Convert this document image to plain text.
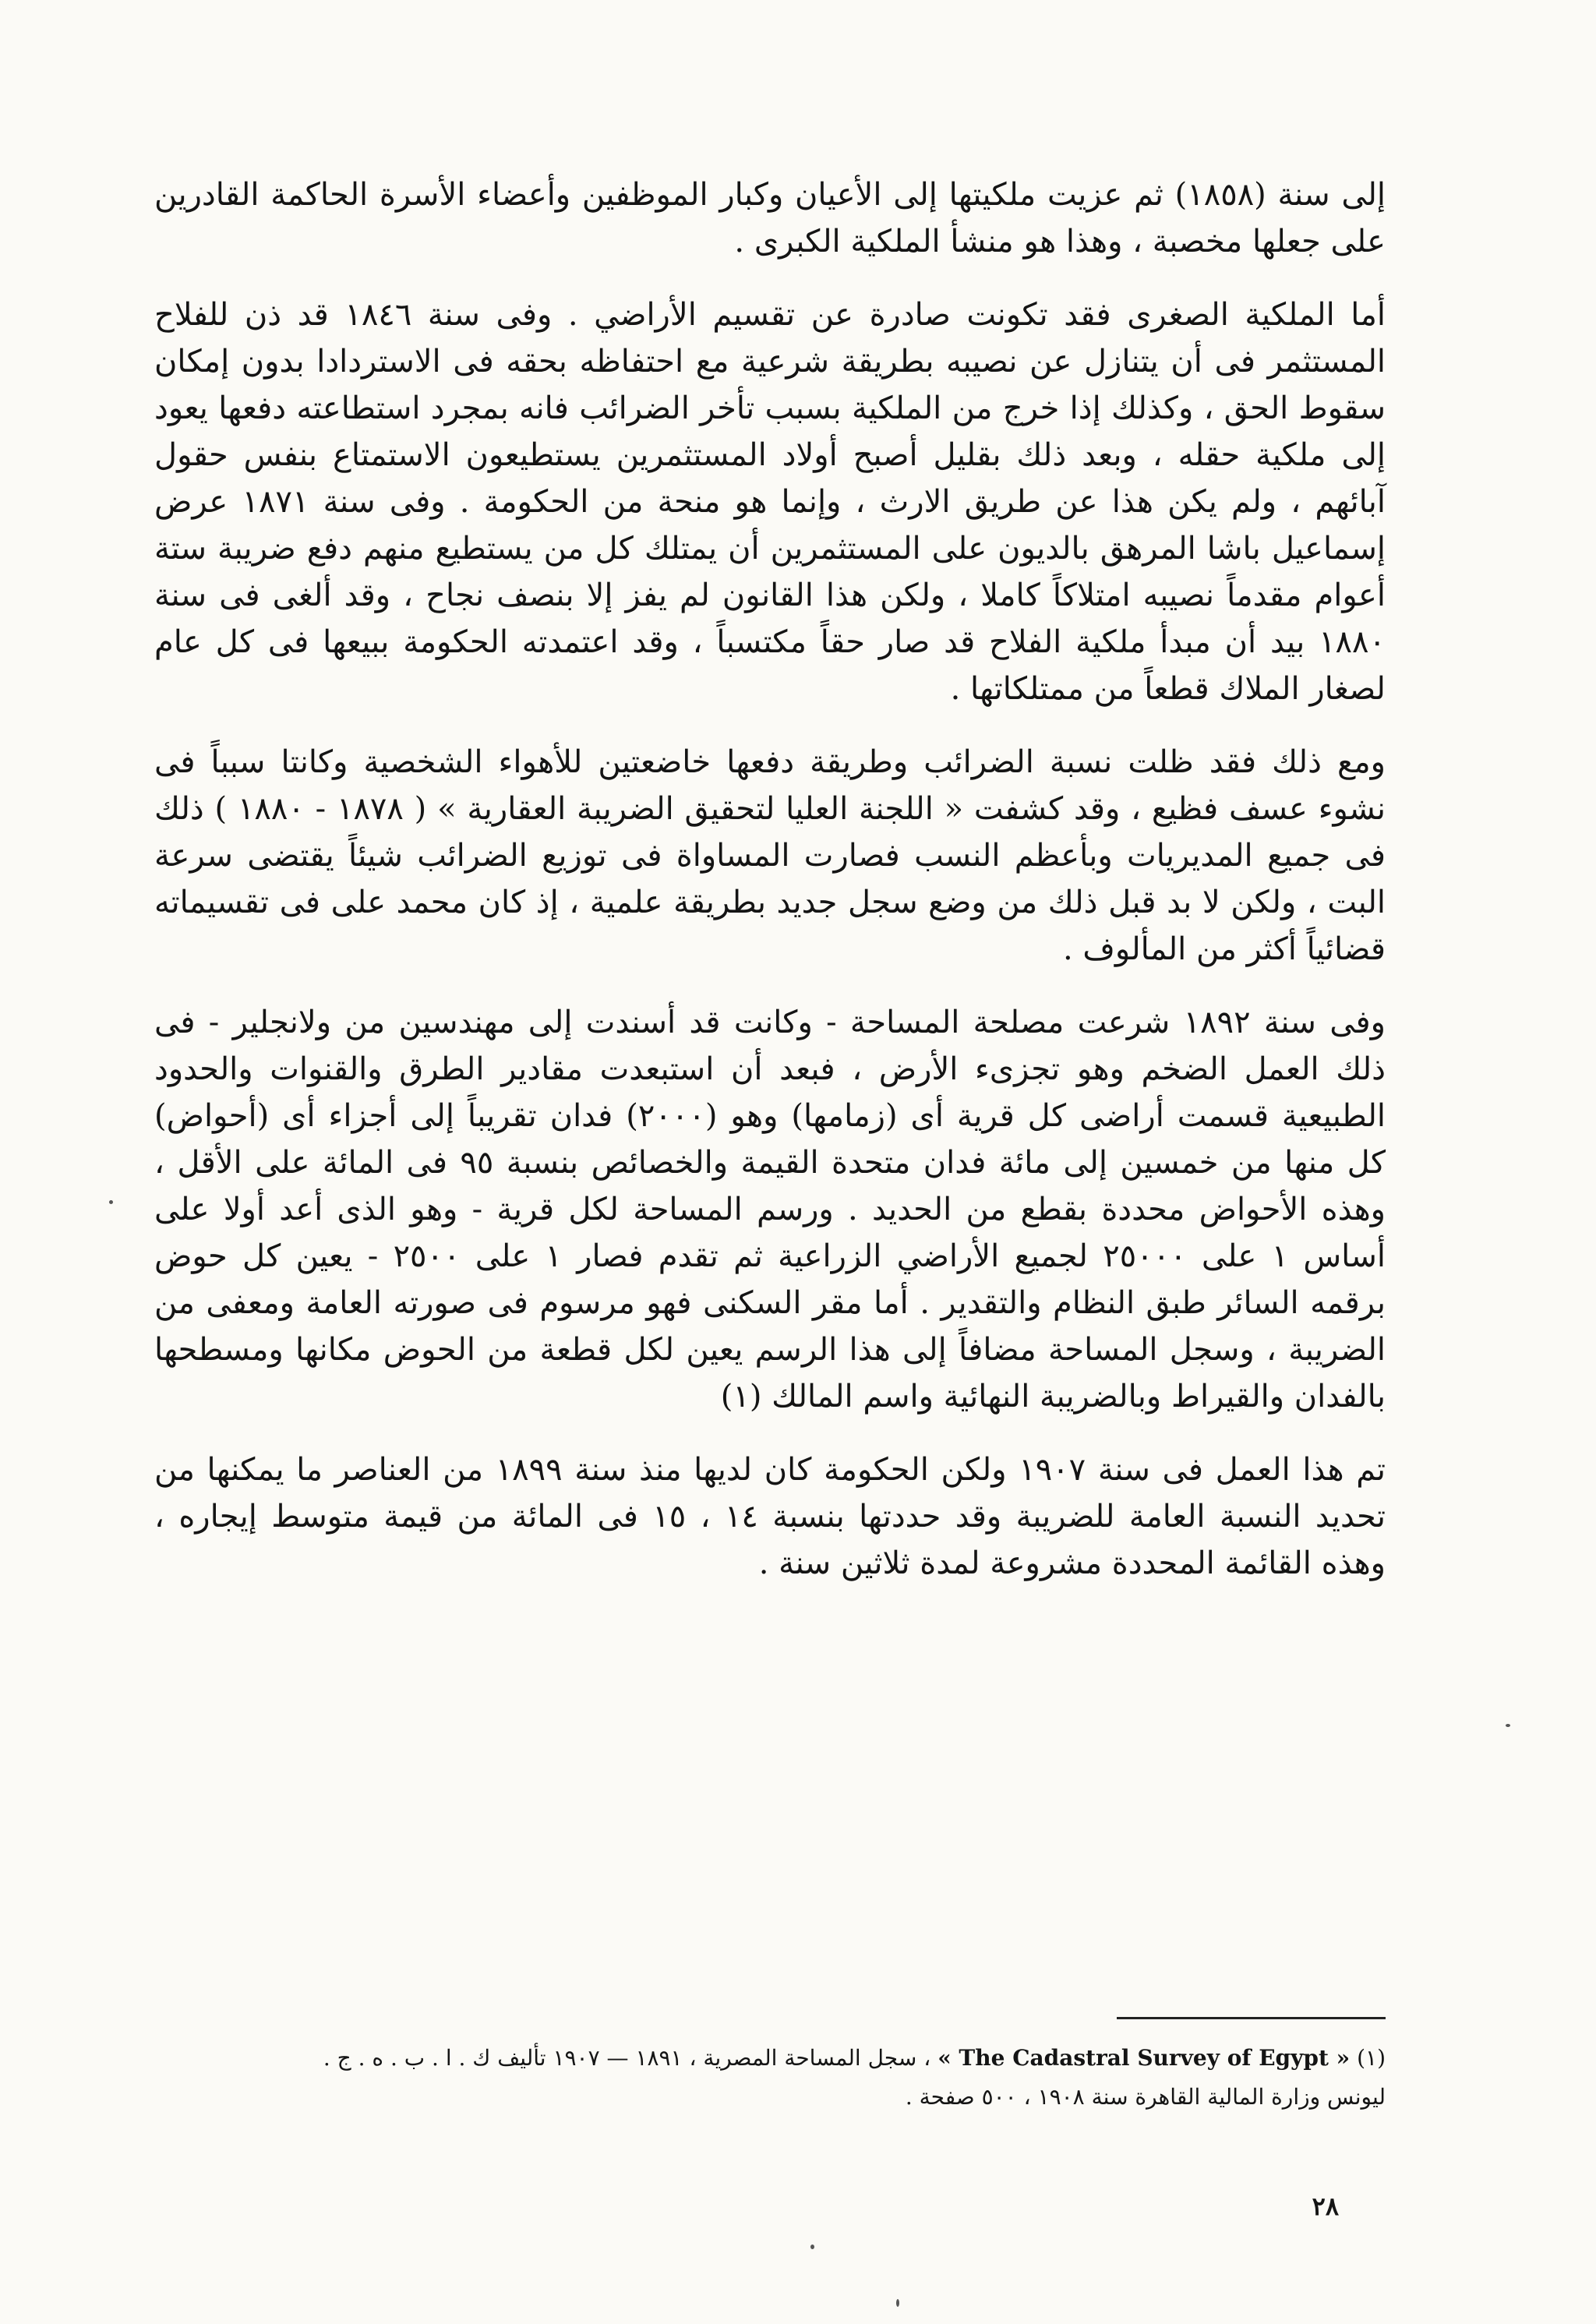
إلى سنة (١٨٥٨) ثم عزيت ملكيتها إلى الأعيان وكبار الموظفين وأعضاء الأسرة الحاكمة القادرين على جعلها مخصبة ، وهذا هو منشأ الملكية الكبرى .

أما الملكية الصغرى فقد تكونت صادرة عن تقسيم الأراضي . وفى سنة ١٨٤٦ قد ذن للفلاح المستثمر فى أن يتنازل عن نصيبه بطريقة شرعية مع احتفاظه بحقه فى الاستردادا بدون إمكان سقوط الحق ، وكذلك إذا خرج من الملكية بسبب تأخر الضرائب فانه بمجرد استطاعته دفعها يعود إلى ملكية حقله ، وبعد ذلك بقليل أصبح أولاد المستثمرين يستطيعون الاستمتاع بنفس حقول آبائهم ، ولم يكن هذا عن طريق الارث ، وإنما هو منحة من الحكومة . وفى سنة ١٨٧١ عرض إسماعيل باشا المرهق بالديون على المستثمرين أن يمتلك كل من يستطيع منهم دفع ضريبة ستة أعوام مقدماً نصيبه امتلاكاً كاملا ، ولكن هذا القانون لم يفز إلا بنصف نجاح ، وقد ألغى فى سنة ١٨٨٠ بيد أن مبدأ ملكية الفلاح قد صار حقاً مكتسباً ، وقد اعتمدته الحكومة ببيعها فى كل عام لصغار الملاك قطعاً من ممتلكاتها .

ومع ذلك فقد ظلت نسبة الضرائب وطريقة دفعها خاضعتين للأهواء الشخصية وكانتا سبباً فى نشوء عسف فظيع ، وقد كشفت « اللجنة العليا لتحقيق الضريبة العقارية » ( ١٨٧٨ - ١٨٨٠ ) ذلك فى جميع المديريات وبأعظم النسب فصارت المساواة فى توزيع الضرائب شيئاً يقتضى سرعة البت ، ولكن لا بد قبل ذلك من وضع سجل جديد بطريقة علمية ، إذ كان محمد على فى تقسيماته قضائياً أكثر من المألوف .

وفى سنة ١٨٩٢ شرعت مصلحة المساحة - وكانت قد أسندت إلى مهندسين من ولانجلير - فى ذلك العمل الضخم وهو تجزىء الأرض ، فبعد أن استبعدت مقادير الطرق والقنوات والحدود الطبيعية قسمت أراضى كل قرية أى (زمامها) وهو (٢٠٠٠) فدان تقريباً إلى أجزاء أى (أحواض) كل منها من خمسين إلى مائة فدان متحدة القيمة والخصائص بنسبة ٩٥ فى المائة على الأقل ، وهذه الأحواض محددة بقطع من الحديد . ورسم المساحة لكل قرية - وهو الذى أعد أولا على أساس ١ على ٢٥٠٠٠ لجميع الأراضي الزراعية ثم تقدم فصار ١ على ٢٥٠٠ - يعين كل حوض برقمه السائر طبق النظام والتقدير . أما مقر السكنى فهو مرسوم فى صورته العامة ومعفى من الضريبة ، وسجل المساحة مضافاً إلى هذا الرسم يعين لكل قطعة من الحوض مكانها ومسطحها بالفدان والقيراط وبالضريبة النهائية واسم المالك (١)

تم هذا العمل فى سنة ١٩٠٧ ولكن الحكومة كان لديها منذ سنة ١٨٩٩ من العناصر ما يمكنها من تحديد النسبة العامة للضريبة وقد حددتها بنسبة ١٤ ، ١٥ فى المائة من قيمة متوسط إيجاره ، وهذه القائمة المحددة مشروعة لمدة ثلاثين سنة .

(١) « The Cadastral Survey of Egypt » ، سجل المساحة المصرية ، ١٨٩١ — ١٩٠٧ تأليف ك . ا . ب . ه . ج .

ليونس وزارة المالية القاهرة سنة ١٩٠٨ ، ٥٠٠ صفحة .

٢٨
